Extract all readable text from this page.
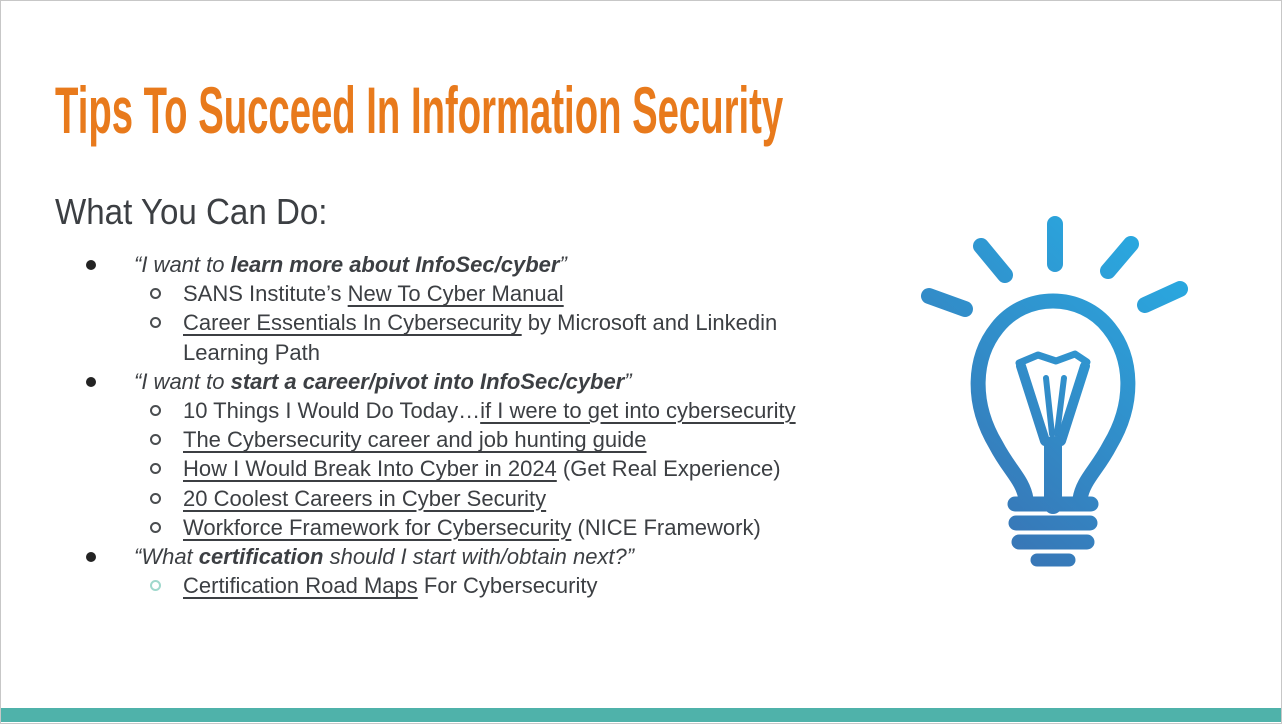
Tips To Succeed In Information Security
What You Can Do:
“I want to learn more about InfoSec/cyber”
SANS Institute’s New To Cyber Manual
Career Essentials In Cybersecurity by Microsoft and Linkedin
Learning Path
“I want to start a career/pivot into InfoSec/cyber”
10 Things I Would Do Today…if I were to get into cybersecurity
The Cybersecurity career and job hunting guide
How I Would Break Into Cyber in 2024 (Get Real Experience)
20 Coolest Careers in Cyber Security
Workforce Framework for Cybersecurity (NICE Framework)
“What certification should I start with/obtain next?”
Certification Road Maps For Cybersecurity
